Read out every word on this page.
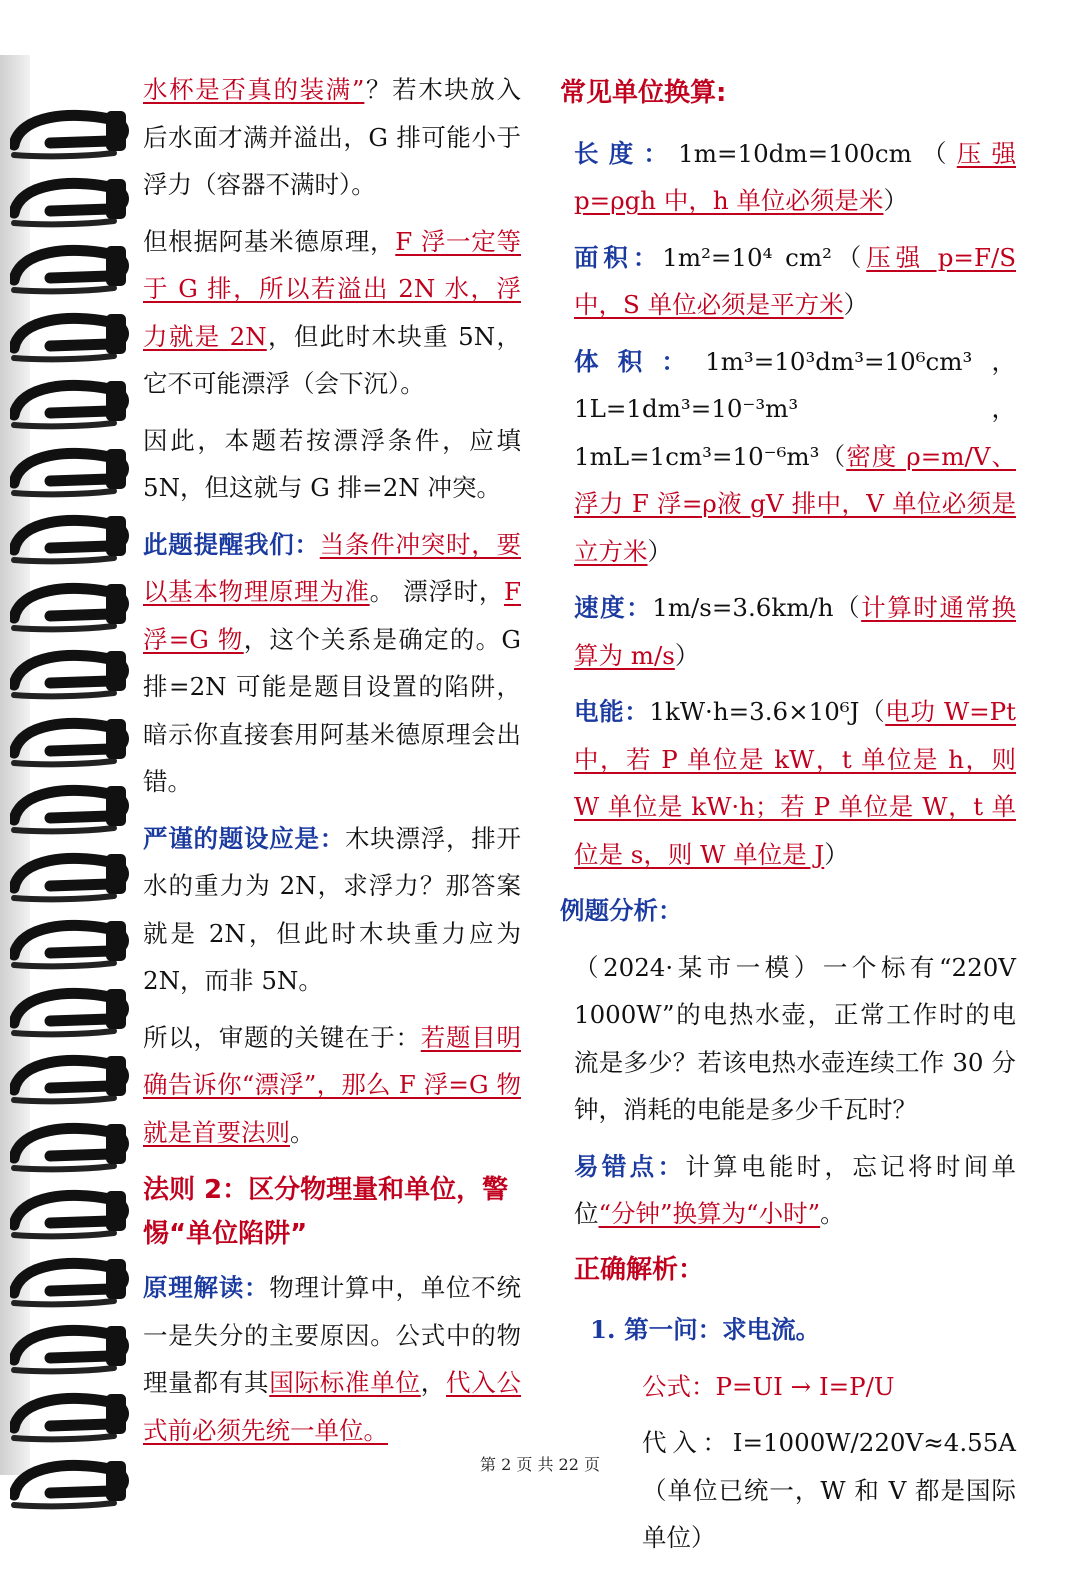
水杯是否真的装满”？若木块放入后水面才满并溢出，G 排可能小于浮力（容器不满时）。

但根据阿基米德原理，F 浮一定等于 G 排，所以若溢出 2N 水，浮力就是 2N，但此时木块重 5N，它不可能漂浮（会下沉）。

因此，本题若按漂浮条件，应填 5N，但这就与 G 排=2N 冲突。

此题提醒我们：当条件冲突时，要以基本物理原理为准。 漂浮时，F 浮=G 物，这个关系是确定的。G 排=2N 可能是题目设置的陷阱，暗示你直接套用阿基米德原理会出错。

严谨的题设应是：木块漂浮，排开水的重力为 2N，求浮力？那答案就是 2N，但此时木块重力应为 2N，而非 5N。

所以，审题的关键在于：若题目明确告诉你“漂浮”，那么 F 浮=G 物就是首要法则。

法则 2：区分物理量和单位，警惕“单位陷阱”

原理解读：物理计算中，单位不统一是失分的主要原因。公式中的物理量都有其国际标准单位，代入公式前必须先统一单位。

常见单位换算:

长度：1m=10dm=100cm（压强 p=ρgh 中，h 单位必须是米）

面积：1m²=10⁴ cm²（压强 p=F/S 中，S 单位必须是平方米）

体积：1m³=10³dm³=10⁶cm³，1L=1dm³=10⁻³m³，1mL=1cm³=10⁻⁶m³（密度 ρ=m/V、浮力 F 浮=ρ液 gV 排中，V 单位必须是立方米）

速度：1m/s=3.6km/h（计算时通常换算为 m/s）

电能：1kW·h=3.6×10⁶J（电功 W=Pt 中，若 P 单位是 kW，t 单位是 h，则 W 单位是 kW·h；若 P 单位是 W，t 单位是 s，则 W 单位是 J）

例题分析：

（2024·某市一模）一个标有“220V 1000W”的电热水壶，正常工作时的电流是多少？若该电热水壶连续工作 30 分钟，消耗的电能是多少千瓦时？

易错点：计算电能时，忘记将时间单位“分钟”换算为“小时”。

正确解析：

1. 第一问：求电流。

公式：P=UI → I=P/U

代入：I=1000W/220V≈4.55A（单位已统一，W 和 V 都是国际单位）

第 2 页 共 22 页
